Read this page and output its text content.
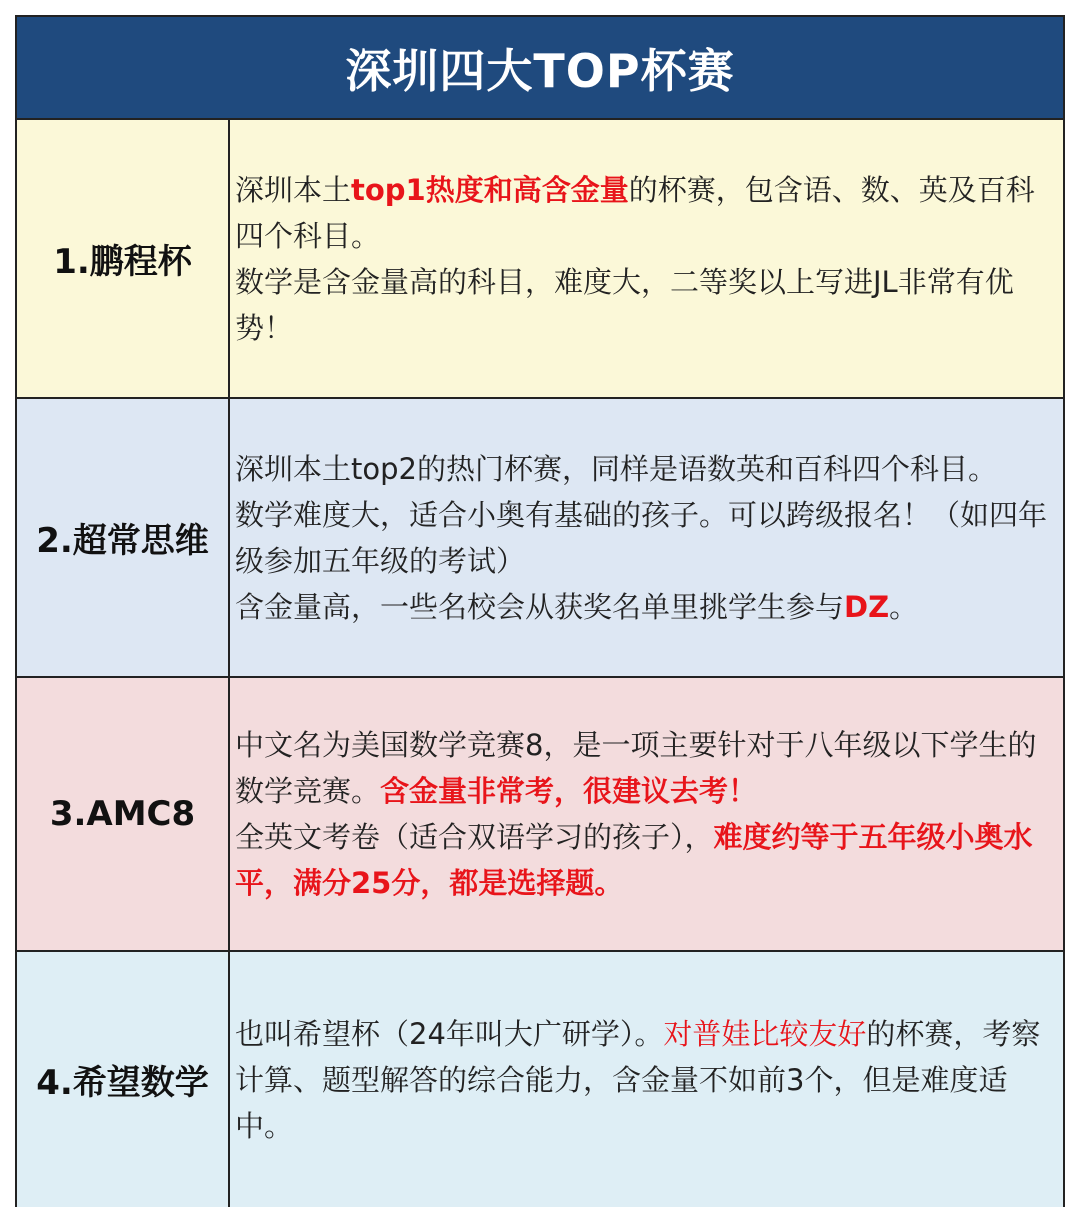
深圳四大TOP杯赛
1.鹏程杯
深圳本土top1热度和高含金量的杯赛，包含语、数、英及百科四个科目。
数学是含金量高的科目，难度大，二等奖以上写进JL非常有优势！
2.超常思维
深圳本土top2的热门杯赛，同样是语数英和百科四个科目。
数学难度大，适合小奥有基础的孩子。可以跨级报名！（如四年级参加五年级的考试）
含金量高，一些名校会从获奖名单里挑学生参与DZ。
3.AMC8
中文名为美国数学竞赛8，是一项主要针对于八年级以下学生的数学竞赛。含金量非常考，很建议去考！
全英文考卷（适合双语学习的孩子），难度约等于五年级小奥水平，满分25分，都是选择题。
4.希望数学
也叫希望杯（24年叫大广研学）。对普娃比较友好的杯赛，考察计算、题型解答的综合能力，含金量不如前3个，但是难度适中。
